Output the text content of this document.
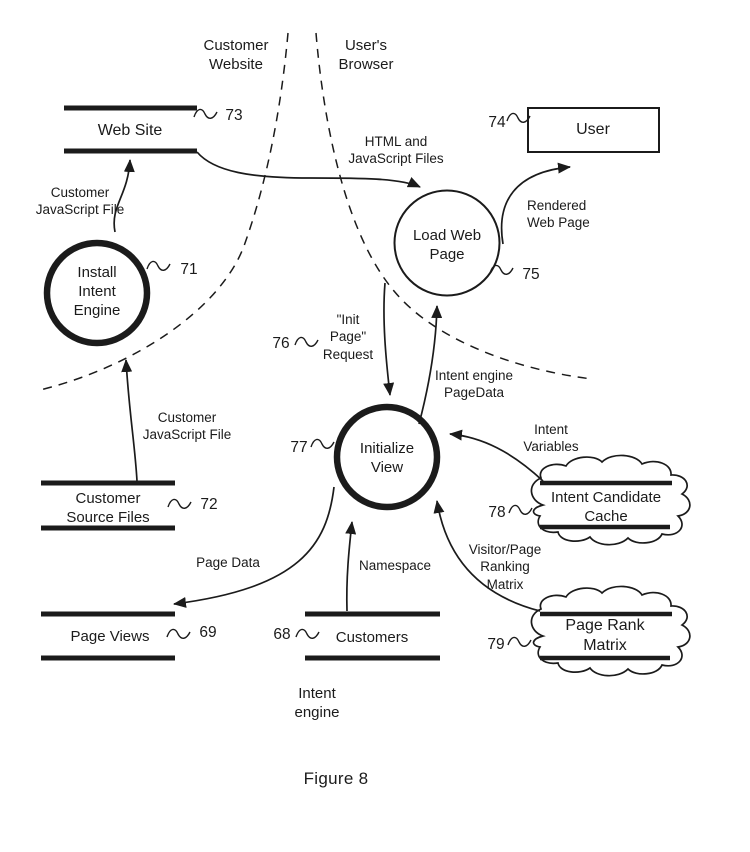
Customer
Website
User's
Browser
Intent
engine
Web Site	User
Load Web
Page
Install
Intent
Engine
Initialize
View
Customer
Source Files
Page Views	Customers
Intent Candidate
Cache
Page Rank
Matrix
Customer
JavaScript File
HTML and
JavaScript Files
Rendered
Web Page
"Init
Page"
Request
Intent engine
PageData
Customer
JavaScript File	Intent
Variables
Page Data	Namespace
Visitor/Page
Ranking
Matrix
73	74
75
71
76
77
72
69	68
78
79
Figure 8
